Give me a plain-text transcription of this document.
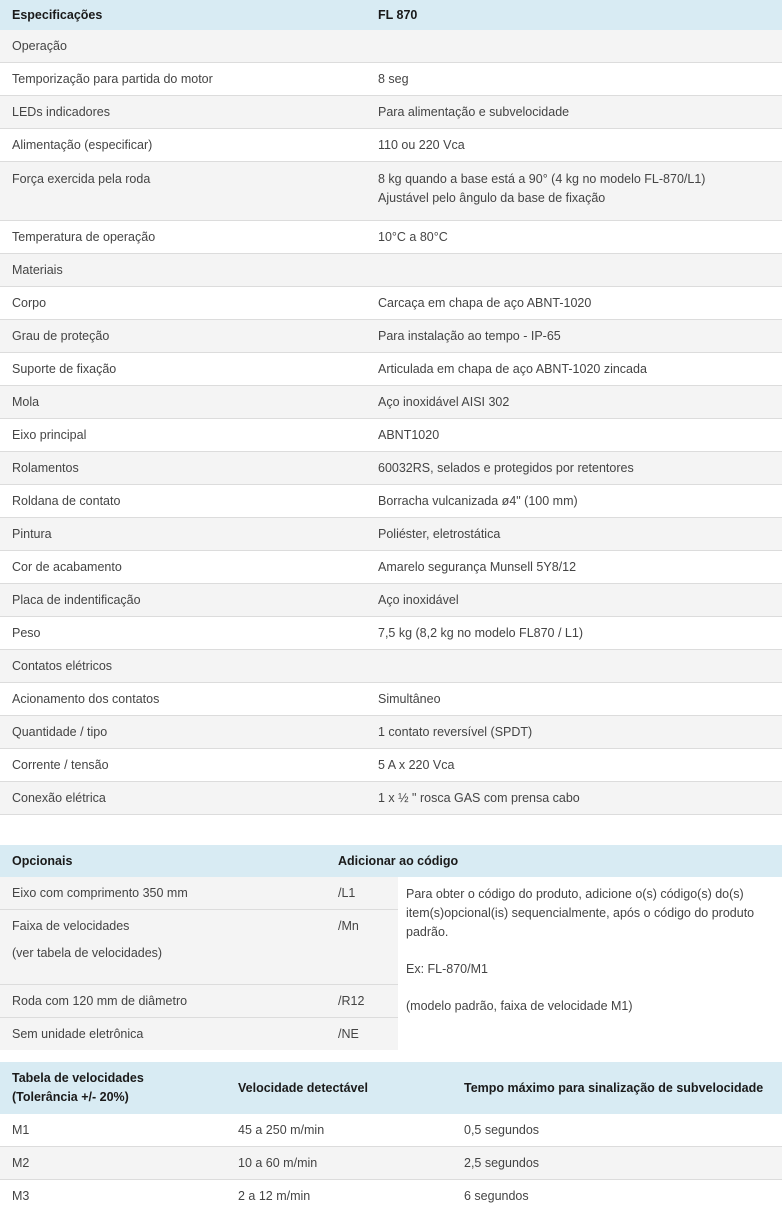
Especificações	FL 870
Operação	
Temporização para partida do motor	8 seg
LEDs indicadores	Para alimentação e subvelocidade
Alimentação (especificar)	110 ou 220 Vca
Força exercida pela roda	8 kg quando a base está a 90° (4 kg no modelo FL-870/L1)
Ajustável pelo ângulo da base de fixação

Temperatura de operação	10°C a 80°C
Materiais	
Corpo	Carcaça em chapa de aço ABNT-1020
Grau de proteção	Para instalação ao tempo - IP-65
Suporte de fixação	Articulada em chapa de aço ABNT-1020 zincada
Mola	Aço inoxidável AISI 302
Eixo principal	ABNT1020
Rolamentos	60032RS, selados e protegidos por retentores
Roldana de contato	Borracha vulcanizada ø4" (100 mm)
Pintura	Poliéster, eletrostática
Cor de acabamento	Amarelo segurança Munsell 5Y8/12
Placa de indentificação	Aço inoxidável
Peso	7,5 kg (8,2 kg no modelo FL870 / L1)
Contatos elétricos	
Acionamento dos contatos	Simultâneo
Quantidade / tipo	1 contato reversível (SPDT)
Corrente / tensão	5 A x 220 Vca
Conexão elétrica	1 x ½ " rosca GAS com prensa cabo
Opcionais	Adicionar ao código	
Eixo com comprimento 350 mm	/L1	Para obter o código do produto, adicione o(s) código(s) do(s) item(s)opcional(is) sequencialmente, após o código do produto padrão.

Ex: FL-870/M1

(modelo padrão, faixa de velocidade M1)

Faixa de velocidades	/Mn	
(ver tabela de velocidades)		
Roda com 120 mm de diâmetro	/R12	
Sem unidade eletrônica	/NE	
Tabela de velocidades
(Tolerância +/- 20%)	Velocidade detectável	Tempo máximo para sinalização de subvelocidade
M1	45 a 250 m/min	0,5 segundos
M2	10 a 60 m/min	2,5 segundos
M3	2 a 12 m/min	6 segundos
